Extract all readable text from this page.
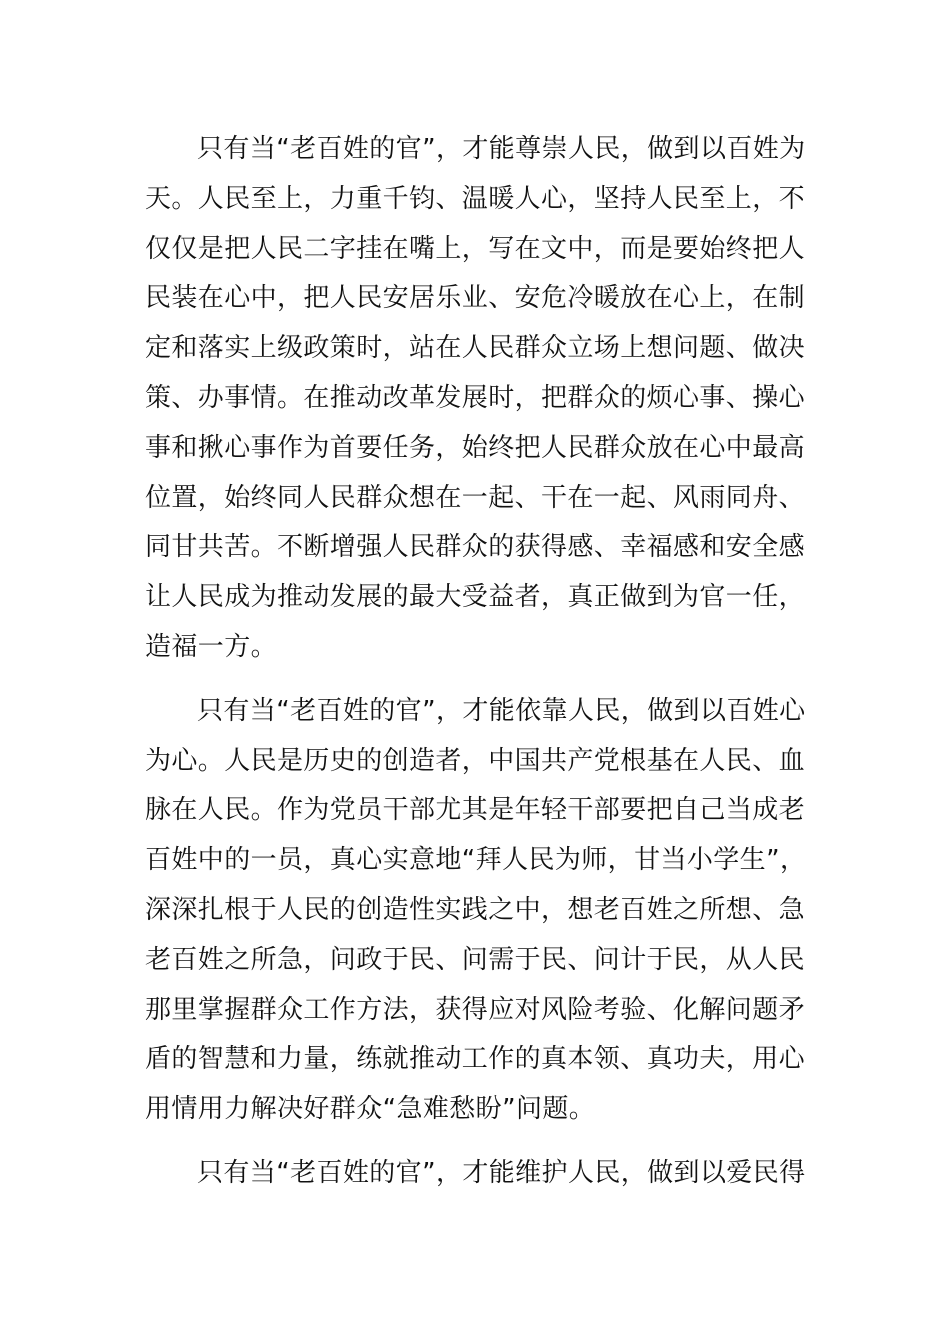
只有当“老百姓的官”，才能尊崇人民，做到以百姓为
天。人民至上，力重千钧、温暖人心，坚持人民至上，不
仅仅是把人民二字挂在嘴上，写在文中，而是要始终把人
民装在心中，把人民安居乐业、安危冷暖放在心上，在制
定和落实上级政策时，站在人民群众立场上想问题、做决
策、办事情。在推动改革发展时，把群众的烦心事、操心
事和揪心事作为首要任务，始终把人民群众放在心中最高
位置，始终同人民群众想在一起、干在一起、风雨同舟、
同甘共苦。不断增强人民群众的获得感、幸福感和安全感
让人民成为推动发展的最大受益者，真正做到为官一任，
造福一方。
只有当“老百姓的官”，才能依靠人民，做到以百姓心
为心。人民是历史的创造者，中国共产党根基在人民、血
脉在人民。作为党员干部尤其是年轻干部要把自己当成老
百姓中的一员，真心实意地“拜人民为师，甘当小学生”，
深深扎根于人民的创造性实践之中，想老百姓之所想、急
老百姓之所急，问政于民、问需于民、问计于民，从人民
那里掌握群众工作方法，获得应对风险考验、化解问题矛
盾的智慧和力量，练就推动工作的真本领、真功夫，用心
用情用力解决好群众“急难愁盼”问题。
只有当“老百姓的官”，才能维护人民，做到以爱民得
